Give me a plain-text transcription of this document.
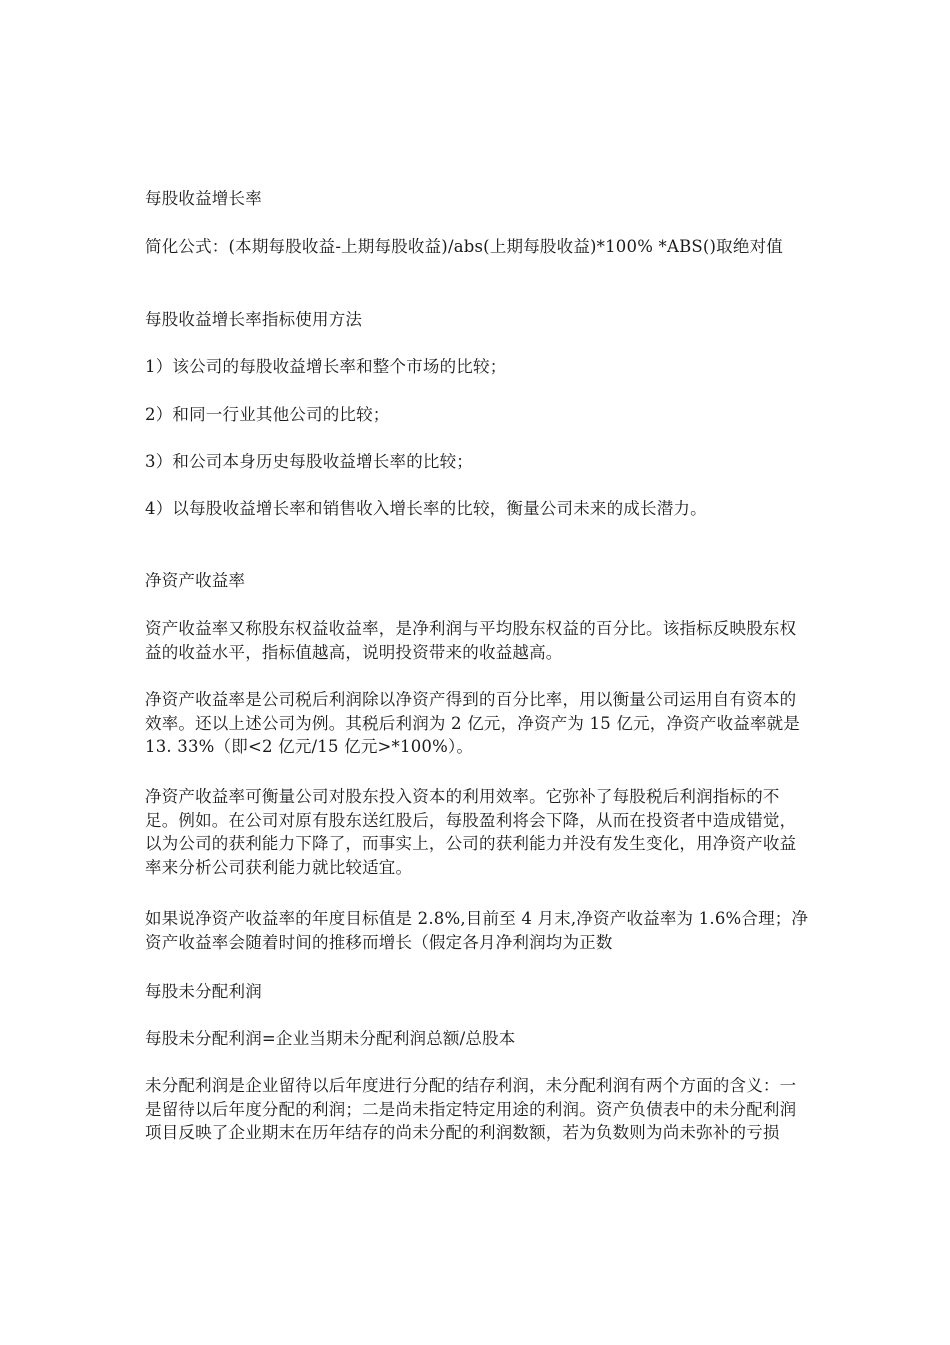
每股收益增长率

简化公式：(本期每股收益-上期每股收益)/abs(上期每股收益)*100% *ABS()取绝对值

每股收益增长率指标使用方法

1）该公司的每股收益增长率和整个市场的比较；

2）和同一行业其他公司的比较；

3）和公司本身历史每股收益增长率的比较；

4）以每股收益增长率和销售收入增长率的比较，衡量公司未来的成长潜力。

净资产收益率

资产收益率又称股东权益收益率，是净利润与平均股东权益的百分比。该指标反映股东权益的收益水平，指标值越高，说明投资带来的收益越高。

净资产收益率是公司税后利润除以净资产得到的百分比率，用以衡量公司运用自有资本的效率。还以上述公司为例。其税后利润为 2 亿元，净资产为 15 亿元，净资产收益率就是 13. 33%（即<2 亿元/15 亿元>*100%）。

净资产收益率可衡量公司对股东投入资本的利用效率。它弥补了每股税后利润指标的不足。例如。在公司对原有股东送红股后，每股盈利将会下降，从而在投资者中造成错觉，以为公司的获利能力下降了，而事实上，公司的获利能力并没有发生变化，用净资产收益率来分析公司获利能力就比较适宜。

如果说净资产收益率的年度目标值是 2.8%,目前至 4 月末,净资产收益率为 1.6%合理；净资产收益率会随着时间的推移而增长（假定各月净利润均为正数

每股未分配利润

每股未分配利润=企业当期未分配利润总额/总股本

未分配利润是企业留待以后年度进行分配的结存利润，未分配利润有两个方面的含义：一是留待以后年度分配的利润；二是尚未指定特定用途的利润。资产负债表中的未分配利润项目反映了企业期末在历年结存的尚未分配的利润数额，若为负数则为尚未弥补的亏损
